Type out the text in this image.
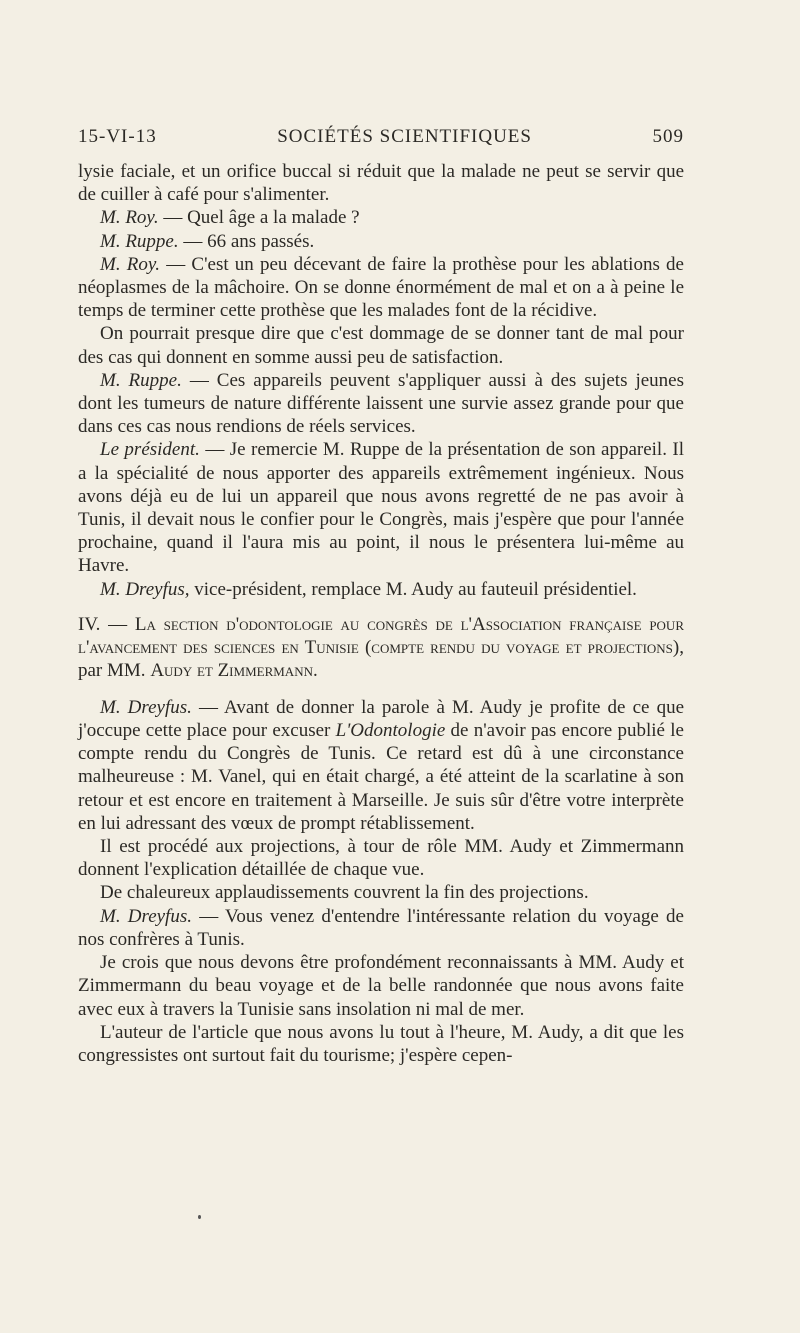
15-VI-13	SOCIÉTÉS SCIENTIFIQUES	509

lysie faciale, et un orifice buccal si réduit que la malade ne peut se servir que de cuiller à café pour s'alimenter.

M. Roy. — Quel âge a la malade ?

M. Ruppe. — 66 ans passés.

M. Roy. — C'est un peu décevant de faire la prothèse pour les ablations de néoplasmes de la mâchoire. On se donne énormément de mal et on a à peine le temps de terminer cette prothèse que les malades font de la récidive.

On pourrait presque dire que c'est dommage de se donner tant de mal pour des cas qui donnent en somme aussi peu de satisfaction.

M. Ruppe. — Ces appareils peuvent s'appliquer aussi à des sujets jeunes dont les tumeurs de nature différente laissent une survie assez grande pour que dans ces cas nous rendions de réels services.

Le président. — Je remercie M. Ruppe de la présentation de son appareil. Il a la spécialité de nous apporter des appareils extrêmement ingénieux. Nous avons déjà eu de lui un appareil que nous avons regretté de ne pas avoir à Tunis, il devait nous le confier pour le Congrès, mais j'espère que pour l'année prochaine, quand il l'aura mis au point, il nous le présentera lui-même au Havre.

M. Dreyfus, vice-président, remplace M. Audy au fauteuil présidentiel.

IV. — La section d'odontologie au congrès de l'Association française pour l'avancement des sciences en Tunisie (compte rendu du voyage et projections), par MM. Audy et Zimmermann.

M. Dreyfus. — Avant de donner la parole à M. Audy je profite de ce que j'occupe cette place pour excuser L'Odontologie de n'avoir pas encore publié le compte rendu du Congrès de Tunis. Ce retard est dû à une circonstance malheureuse : M. Vanel, qui en était chargé, a été atteint de la scarlatine à son retour et est encore en traitement à Marseille. Je suis sûr d'être votre interprète en lui adressant des vœux de prompt rétablissement.

Il est procédé aux projections, à tour de rôle MM. Audy et Zimmermann donnent l'explication détaillée de chaque vue.

De chaleureux applaudissements couvrent la fin des projections.

M. Dreyfus. — Vous venez d'entendre l'intéressante relation du voyage de nos confrères à Tunis.

Je crois que nous devons être profondément reconnaissants à MM. Audy et Zimmermann du beau voyage et de la belle randonnée que nous avons faite avec eux à travers la Tunisie sans insolation ni mal de mer.

L'auteur de l'article que nous avons lu tout à l'heure, M. Audy, a dit que les congressistes ont surtout fait du tourisme; j'espère cepen-
